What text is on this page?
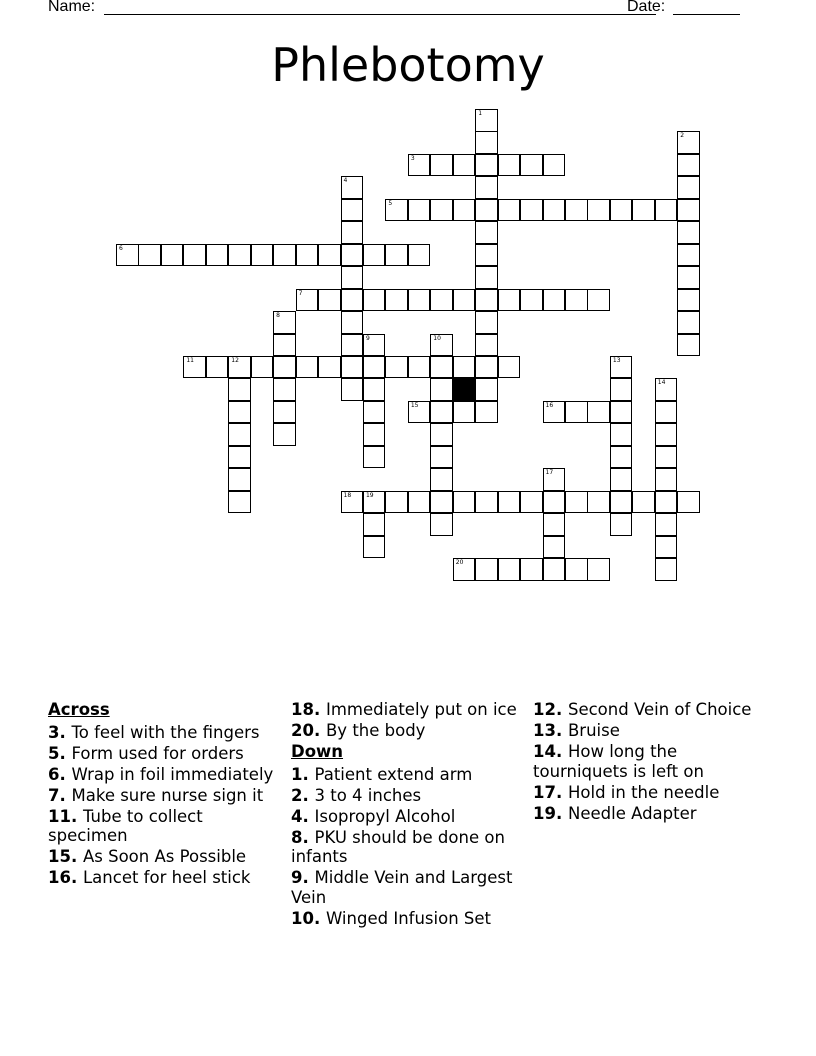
Name:	Date:
Phlebotomy
1
2
3
4
5
6
7
8
9	10
11	12	13
14
15	16
17
18 19
20
Across
3 . To feel with the fingers
5 . Form used for orders
6 . Wrap in foil immediately
7 . Make sure nurse sign it
11 . Tube to collect specimen
15 . As Soon As Possible
16 . Lancet for heel stick
18 . Immediately put on ice
20 . By the body
Down
1 . Patient extend arm
2 . 3 to 4 inches
4 . Isopropyl Alcohol
8 . PKU should be done on infants
9 . Middle Vein and Largest Vein
10 . Winged Infusion Set
12 . Second Vein of Choice
13 . Bruise
14 . How long the tourniquets is left on
17 . Hold in the needle
19 . Needle Adapter
